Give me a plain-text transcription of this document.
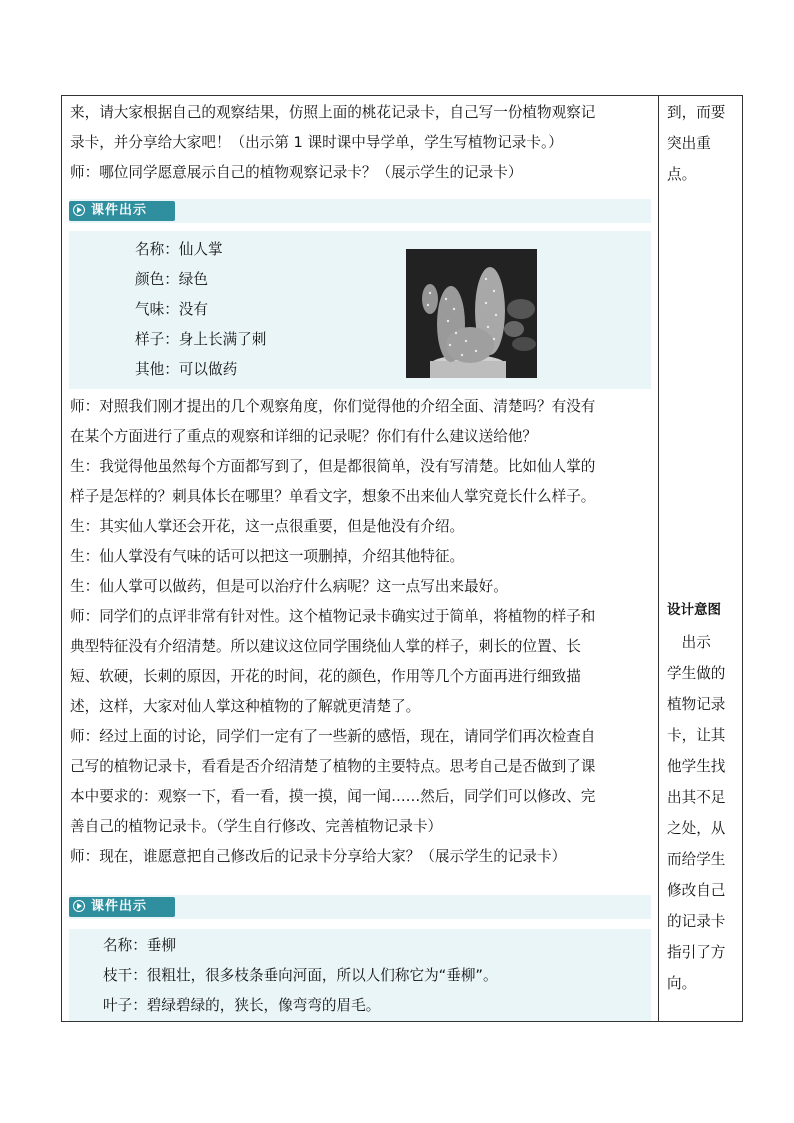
来，请大家根据自己的观察结果，仿照上面的桃花记录卡，自己写一份植物观察记

录卡，并分享给大家吧！（出示第 1 课时课中导学单，学生写植物记录卡。）

师：哪位同学愿意展示自己的植物观察记录卡？（展示学生的记录卡）

课件出示
名称：仙人掌
颜色：绿色
气味：没有
样子：身上长满了刺
其他：可以做药

师：对照我们刚才提出的几个观察角度，你们觉得他的介绍全面、清楚吗？有没有

在某个方面进行了重点的观察和详细的记录呢？你们有什么建议送给他？

生：我觉得他虽然每个方面都写到了，但是都很简单，没有写清楚。比如仙人掌的

样子是怎样的？刺具体长在哪里？单看文字，想象不出来仙人掌究竟长什么样子。

生：其实仙人掌还会开花，这一点很重要，但是他没有介绍。

生：仙人掌没有气味的话可以把这一项删掉，介绍其他特征。

生：仙人掌可以做药，但是可以治疗什么病呢？这一点写出来最好。

师：同学们的点评非常有针对性。这个植物记录卡确实过于简单，将植物的样子和

典型特征没有介绍清楚。所以建议这位同学围绕仙人掌的样子，刺长的位置、长

短、软硬，长刺的原因，开花的时间，花的颜色，作用等几个方面再进行细致描

述，这样，大家对仙人掌这种植物的了解就更清楚了。

师：经过上面的讨论，同学们一定有了一些新的感悟，现在，请同学们再次检查自

己写的植物记录卡，看看是否介绍清楚了植物的主要特点。思考自己是否做到了课

本中要求的：观察一下，看一看，摸一摸，闻一闻……然后，同学们可以修改、完

善自己的植物记录卡。（学生自行修改、完善植物记录卡）

师：现在，谁愿意把自己修改后的记录卡分享给大家？（展示学生的记录卡）

课件出示
名称：垂柳
枝干：很粗壮，很多枝条垂向河面，所以人们称它为“垂柳”。
叶子：碧绿碧绿的，狭长，像弯弯的眉毛。
到，而要
突出重
点。
设计意图
　出示
学生做的
植物记录
卡，让其
他学生找
出其不足
之处，从
而给学生
修改自己
的记录卡
指引了方
向。
